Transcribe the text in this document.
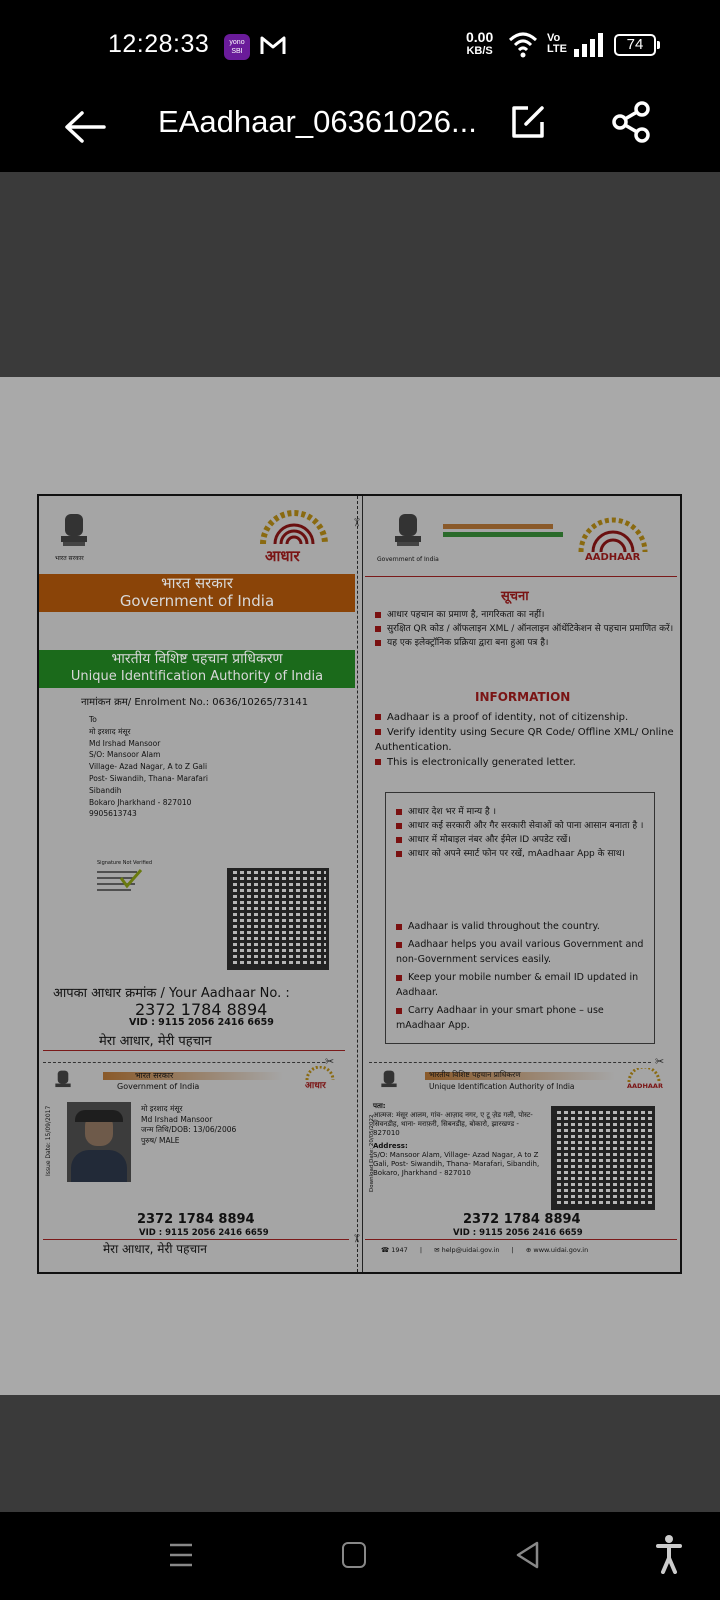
12:28:33	yono
SBI
0.00
KB/S
Vo
LTE	74
EAadhaar_06361026...
भारत सरकार	आधार
भारत सरकार
Government of India
भारतीय विशिष्ट पहचान प्राधिकरण
Unique Identification Authority of India
नामांकन क्रम/ Enrolment No.: 0636/10265/73141
To
मो इरशाद मंसूर
Md Irshad Mansoor
S/O: Mansoor Alam
Village- Azad Nagar, A to Z Gali
Post- Siwandih, Thana- Marafari
Sibandih
Bokaro Jharkhand - 827010
9905613743
Signature Not Verified
आपका आधार क्रमांक / Your Aadhaar No. :
2372 1784 8894
VID : 9115 2056 2416 6659
मेरा आधार, मेरी पहचान
✂
भारत सरकार
Government of India	आधार
Issue Date: 15/09/2017	मो इरशाद मंसूर
Md Irshad Mansoor
जन्म तिथि/DOB: 13/06/2006
पुरुष/ MALE
2372 1784 8894
VID : 9115 2056 2416 6659
मेरा आधार, मेरी पहचान
✂
✂
Government of India	AADHAAR
सूचना
आधार पहचान का प्रमाण है, नागरिकता का नहीं।
सुरक्षित QR कोड / ऑफलाइन XML / ऑनलाइन ऑथेंटिकेशन से पहचान प्रमाणित करें।
यह एक इलेक्ट्रॉनिक प्रक्रिया द्वारा बना हुआ पत्र है।
INFORMATION
Aadhaar is a proof of identity, not of citizenship.
Verify identity using Secure QR Code/ Offline XML/ Online Authentication.
This is electronically generated letter.
आधार देश भर में मान्य है ।
आधार कई सरकारी और गैर सरकारी सेवाओं को पाना आसान बनाता है ।
आधार में मोबाइल नंबर और ईमेल ID अपडेट रखें।
आधार को अपने स्मार्ट फोन पर रखें, mAadhaar App के साथ।
Aadhaar is valid throughout the country.
Aadhaar helps you avail various Government and non-Government services easily.
Keep your mobile number & email ID updated in Aadhaar.
Carry Aadhaar in your smart phone – use mAadhaar App.
✂
भारतीय विशिष्ट पहचान प्राधिकरण
Unique Identification Authority of India	AADHAAR
Download Date: 20/05/2022
पता:
आत्मज: मंसूर आलम, गांव- आज़ाद नगर, ए टू ज़ेड गली, पोस्ट- सिवनडीह, थाना- मराफ़री, सिबनडीह, बोकारो, झारखण्ड - 827010
Address:
S/O: Mansoor Alam, Village- Azad Nagar, A to Z Gali, Post- Siwandih, Thana- Marafari, Sibandih, Bokaro, Jharkhand - 827010
2372 1784 8894
VID : 9115 2056 2416 6659
☎ 1947 | ✉ help@uidai.gov.in | ⊕ www.uidai.gov.in
